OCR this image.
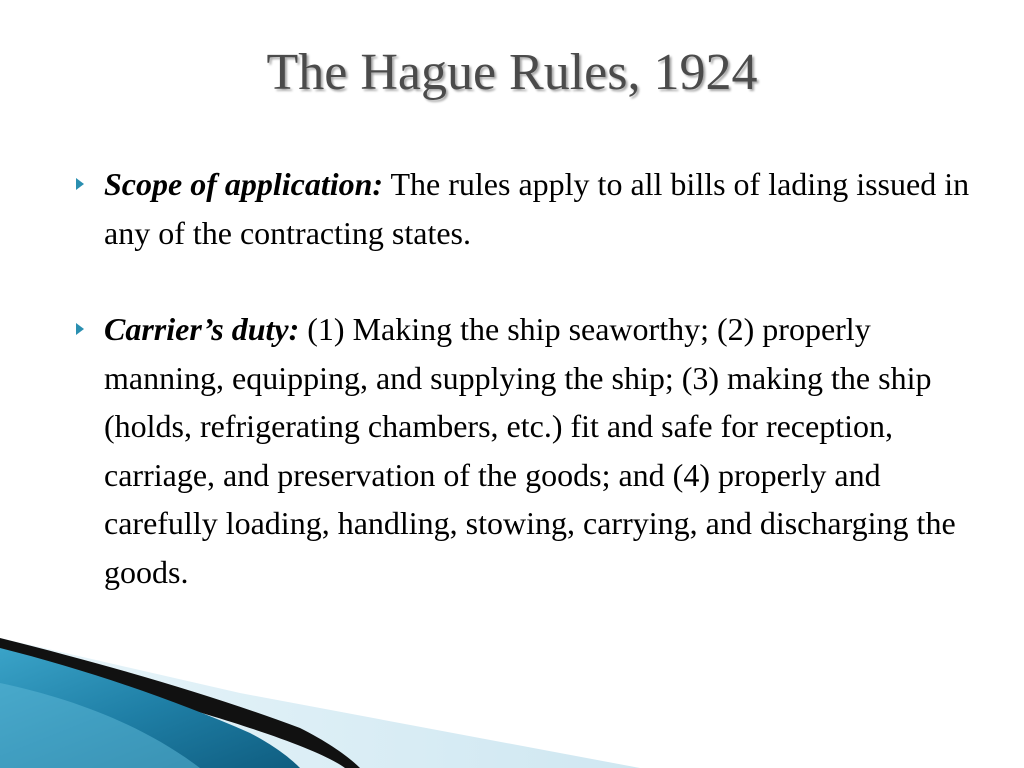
The Hague Rules, 1924

Scope of application: The rules apply to all bills of lading issued in any of the contracting states.

Carrier’s duty: (1) Making the ship seaworthy; (2) properly manning, equipping, and supplying the ship; (3) making the ship (holds, refrigerating chambers, etc.) fit and safe for reception, carriage, and preservation of the goods; and (4) properly and carefully loading, handling, stowing, carrying, and discharging the goods.
